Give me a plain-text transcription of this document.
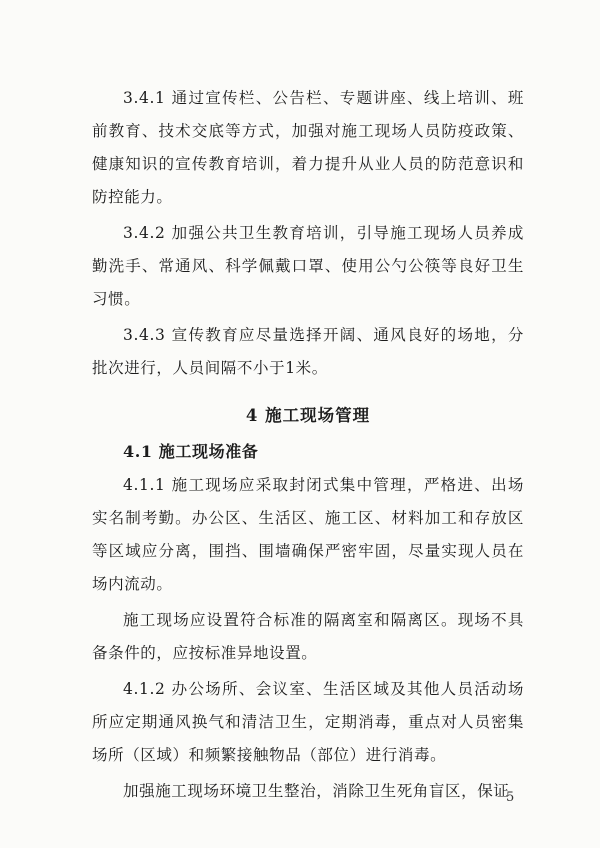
3.4.1 通过宣传栏、公告栏、专题讲座、线上培训、班前教育、技术交底等方式，加强对施工现场人员防疫政策、健康知识的宣传教育培训，着力提升从业人员的防范意识和防控能力。

3.4.2 加强公共卫生教育培训，引导施工现场人员养成勤洗手、常通风、科学佩戴口罩、使用公勺公筷等良好卫生习惯。

3.4.3 宣传教育应尽量选择开阔、通风良好的场地，分批次进行，人员间隔不小于1米。

4 施工现场管理
4.1 施工现场准备

4.1.1 施工现场应采取封闭式集中管理，严格进、出场实名制考勤。办公区、生活区、施工区、材料加工和存放区等区域应分离，围挡、围墙确保严密牢固，尽量实现人员在场内流动。

施工现场应设置符合标准的隔离室和隔离区。现场不具备条件的，应按标准异地设置。

4.1.2 办公场所、会议室、生活区域及其他人员活动场所应定期通风换气和清洁卫生，定期消毒，重点对人员密集场所（区域）和频繁接触物品（部位）进行消毒。

加强施工现场环境卫生整治，消除卫生死角盲区，保证

5
